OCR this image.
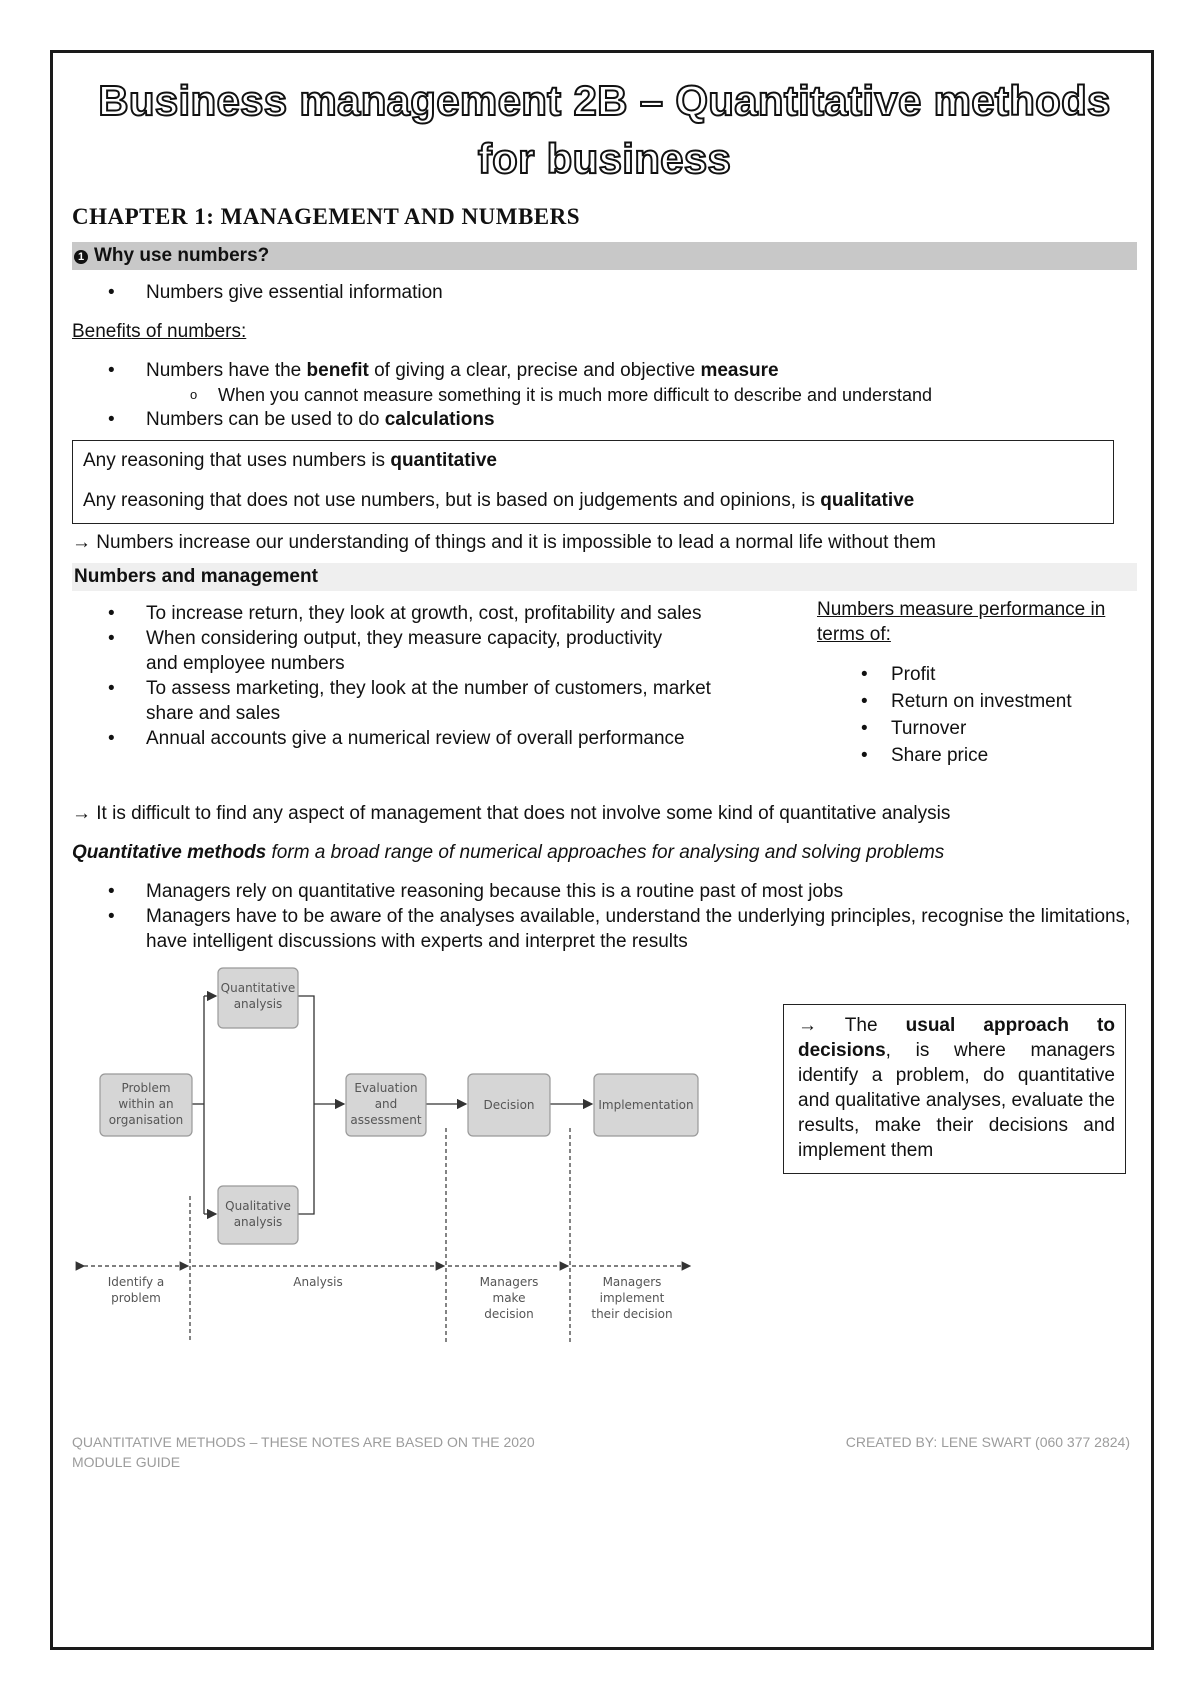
Business management 2B – Quantitative methods for business
CHAPTER 1: MANAGEMENT AND NUMBERS
1 Why use numbers?
• Numbers give essential information

Benefits of numbers:

• Numbers have the benefit of giving a clear, precise and objective measure
o When you cannot measure something it is much more difficult to describe and understand
• Numbers can be used to do calculations

Any reasoning that uses numbers is quantitative

Any reasoning that does not use numbers, but is based on judgements and opinions, is qualitative

→ Numbers increase our understanding of things and it is impossible to lead a normal life without them

Numbers and management
• To increase return, they look at growth, cost, profitability and sales
• When considering output, they measure capacity, productivity and employee numbers
• To assess marketing, they look at the number of customers, market share and sales
• Annual accounts give a numerical review of overall performance

Numbers measure performance in terms of:

• Profit
• Return on investment
• Turnover
• Share price

→ It is difficult to find any aspect of management that does not involve some kind of quantitative analysis

Quantitative methods form a broad range of numerical approaches for analysing and solving problems

• Managers rely on quantitative reasoning because this is a routine past of most jobs
• Managers have to be aware of the analyses available, understand the underlying principles, recognise the limitations, have intelligent discussions with experts and interpret the results
Problem
within an
organisation
Quantitative
analysis
Qualitative
analysis
Evaluation
and
assessment
Decision	Implementation
Identify a
problem
Analysis	Managers
make
decision
Managers
implement
their decision
→ The usual approach to decisions, is where managers identify a problem, do quantitative and qualitative analyses, evaluate the results, make their decisions and implement them
QUANTITATIVE METHODS – THESE NOTES ARE BASED ON THE 2020 MODULE GUIDE
CREATED BY: LENE SWART (060 377 2824)
